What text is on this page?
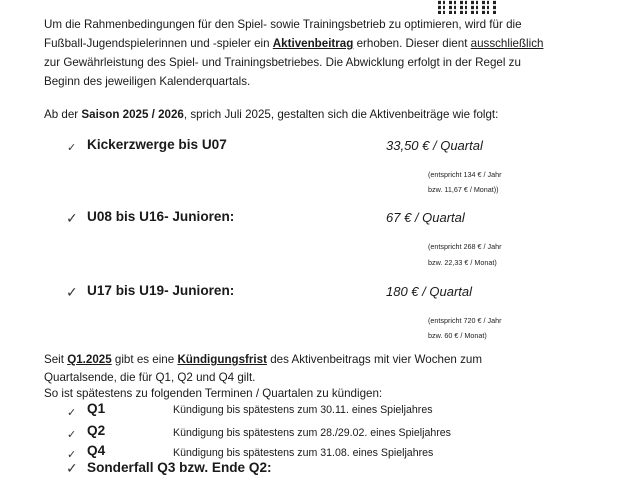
Um die Rahmenbedingungen für den Spiel- sowie Trainingsbetrieb zu optimieren, wird für die
Fußball-Jugendspielerinnen und -spieler ein Aktivenbeitrag erhoben. Dieser dient ausschließlich
zur Gewährleistung des Spiel- und Trainingsbetriebes. Die Abwicklung erfolgt in der Regel zu
Beginn des jeweiligen Kalenderquartals.
Ab der Saison 2025 / 2026, sprich Juli 2025, gestalten sich die Aktivenbeiträge wie folgt:
✓ Kickerzwerge bis U07	33,50 € / Quartal
(entspricht 134 € / Jahr
bzw. 11,67 € / Monat))
✓ U08 bis U16- Junioren:	67 € / Quartal
(entspricht 268 € / Jahr
bzw. 22,33 € / Monat)
✓ U17 bis U19- Junioren:	180 € / Quartal
(entspricht 720 € / Jahr
bzw. 60 € / Monat)
Seit Q1.2025 gibt es eine Kündigungsfrist des Aktivenbeitrags mit vier Wochen zum
Quartalsende, die für Q1, Q2 und Q4 gilt.
So ist spätestens zu folgenden Terminen / Quartalen zu kündigen:
✓ Q1	Kündigung bis spätestens zum 30.11. eines Spieljahres
✓ Q2	Kündigung bis spätestens zum 28./29.02. eines Spieljahres
✓ Q4	Kündigung bis spätestens zum 31.08. eines Spieljahres
✓ Sonderfall Q3 bzw. Ende Q2:
